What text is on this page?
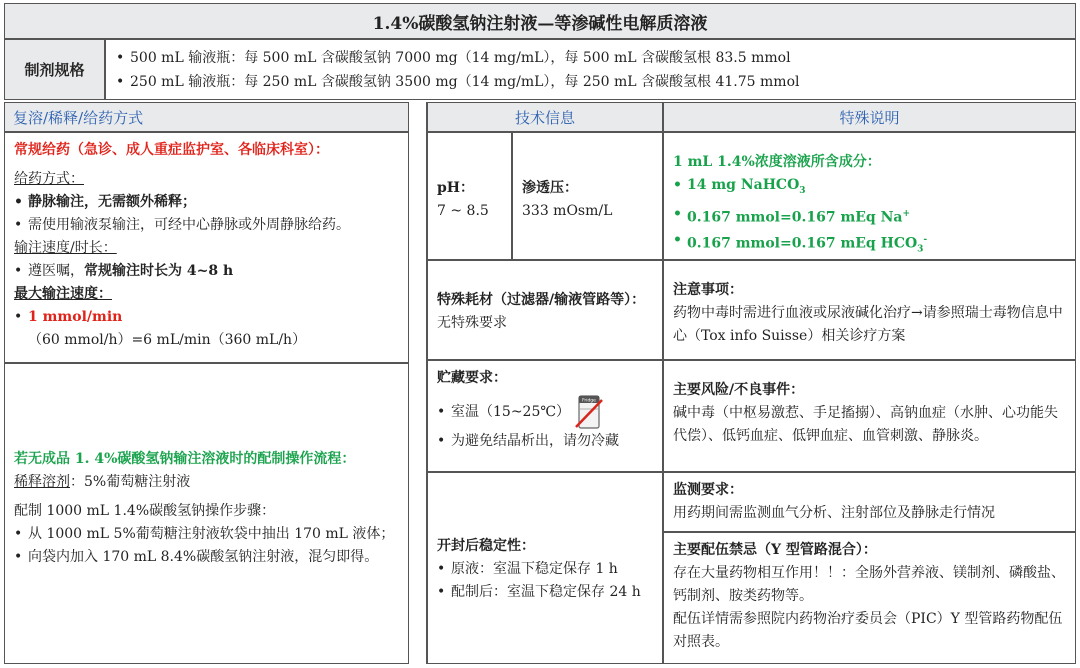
1.4%碳酸氢钠注射液—等渗碱性电解质溶液
制剂规格
• 500 mL 输液瓶：每 500 mL 含碳酸氢钠 7000 mg（14 mg/mL），每 500 mL 含碳酸氢根 83.5 mmol
• 250 mL 输液瓶：每 250 mL 含碳酸氢钠 3500 mg（14 mg/mL），每 250 mL 含碳酸氢根 41.75 mmol
复溶/稀释/给药方式
常规给药（急诊、成人重症监护室、各临床科室）：
给药方式：
• 静脉输注，无需额外稀释；
• 需使用输液泵输注，可经中心静脉或外周静脉给药。
输注速度/时长：
• 遵医嘱，常规输注时长为 4~8 h
最大输注速度：
• 1 mmol/min（60 mmol/h）=6 mL/min（360 mL/h）
若无成品 1. 4%碳酸氢钠输注溶液时的配制操作流程：
稀释溶剂：5%葡萄糖注射液
配制 1000 mL 1.4%碳酸氢钠操作步骤：
• 从 1000 mL 5%葡萄糖注射液软袋中抽出 170 mL 液体；
• 向袋内加入 170 mL 8.4%碳酸氢钠注射液，混匀即得。
技术信息
pH：
7 ~ 8.5
渗透压：
333 mOsm/L
特殊耗材（过滤器/输液管路等）：无特殊要求
贮藏要求：
• 室温（15~25℃）
Fridge
• 为避免结晶析出，请勿冷藏
开封后稳定性：
• 原液：室温下稳定保存 1 h
• 配制后：室温下稳定保存 24 h
特殊说明
1 mL 1.4%浓度溶液所含成分：
• 14 mg NaHCO$_3$
• 0.167 mmol=0.167 mEq Na+
• 0.167 mmol=0.167 mEq $HCO_3^-$
注意事项：
药物中毒时需进行血液或尿液碱化治疗→请参照瑞士毒物信息中心（Tox info Suisse）相关诊疗方案
主要风险/不良事件：
碱中毒（中枢易激惹、手足搐搦）、高钠血症（水肿、心功能失代偿）、低钙血症、低钾血症、血管刺激、静脉炎。
监测要求：
用药期间需监测血气分析、注射部位及静脉走行情况
主要配伍禁忌（Y 型管路混合）：
存在大量药物相互作用！！：全肠外营养液、镁制剂、磷酸盐、钙制剂、胺类药物等。
配伍详情需参照院内药物治疗委员会（PIC）Y 型管路药物配伍对照表。
